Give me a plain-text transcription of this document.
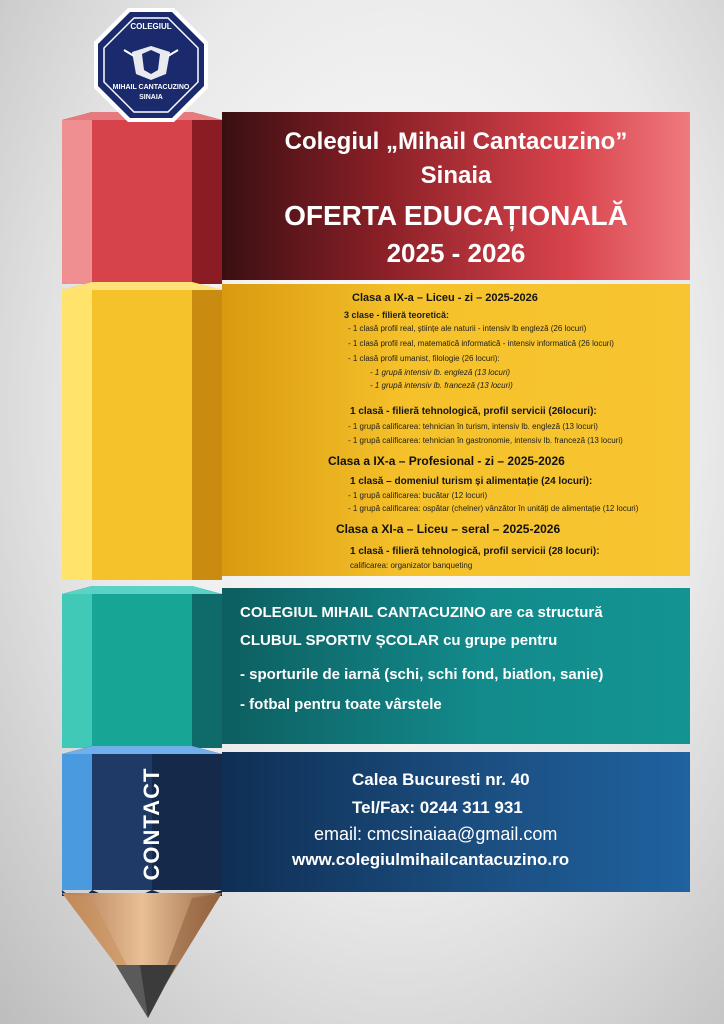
COLEGIUL
MIHAIL CANTACUZINO
SINAIA
Colegiul „Mihail Cantacuzino”
Sinaia
OFERTA EDUCAȚIONALĂ
2025 - 2026
Clasa a IX-a – Liceu - zi – 2025-2026
3 clase - filieră teoretică:
- 1 clasă profil real, științe ale naturii - intensiv lb engleză (26 locuri)
- 1 clasă profil real, matematică informatică - intensiv informatică (26 locuri)
- 1 clasă profil umanist, filologie (26 locuri):
- 1 grupă intensiv lb. engleză (13 locuri)
- 1 grupă intensiv lb. franceză (13 locuri)
1 clasă - filieră tehnologică, profil servicii (26locuri):
- 1 grupă calificarea: tehnician în turism, intensiv lb. engleză (13 locuri)
- 1 grupă calificarea: tehnician în gastronomie, intensiv lb. franceză (13 locuri)
Clasa a IX-a – Profesional - zi – 2025-2026
1 clasă – domeniul turism și alimentație (24 locuri):
- 1 grupă calificarea: bucătar (12 locuri)
- 1 grupă calificarea: ospătar (chelner) vânzător în unități de alimentație (12 locuri)
Clasa a XI-a – Liceu – seral – 2025-2026
1 clasă - filieră tehnologică, profil servicii (28 locuri):
calificarea: organizator banqueting
COLEGIUL MIHAIL CANTACUZINO are ca structură
CLUBUL SPORTIV ȘCOLAR cu grupe pentru
- sporturile de iarnă (schi, schi fond, biatlon, sanie)
- fotbal pentru toate vârstele
Calea Bucuresti nr. 40
Tel/Fax: 0244 311 931
email: cmcsinaiaa@gmail.com
www.colegiulmihailcantacuzino.ro
CONTACT
